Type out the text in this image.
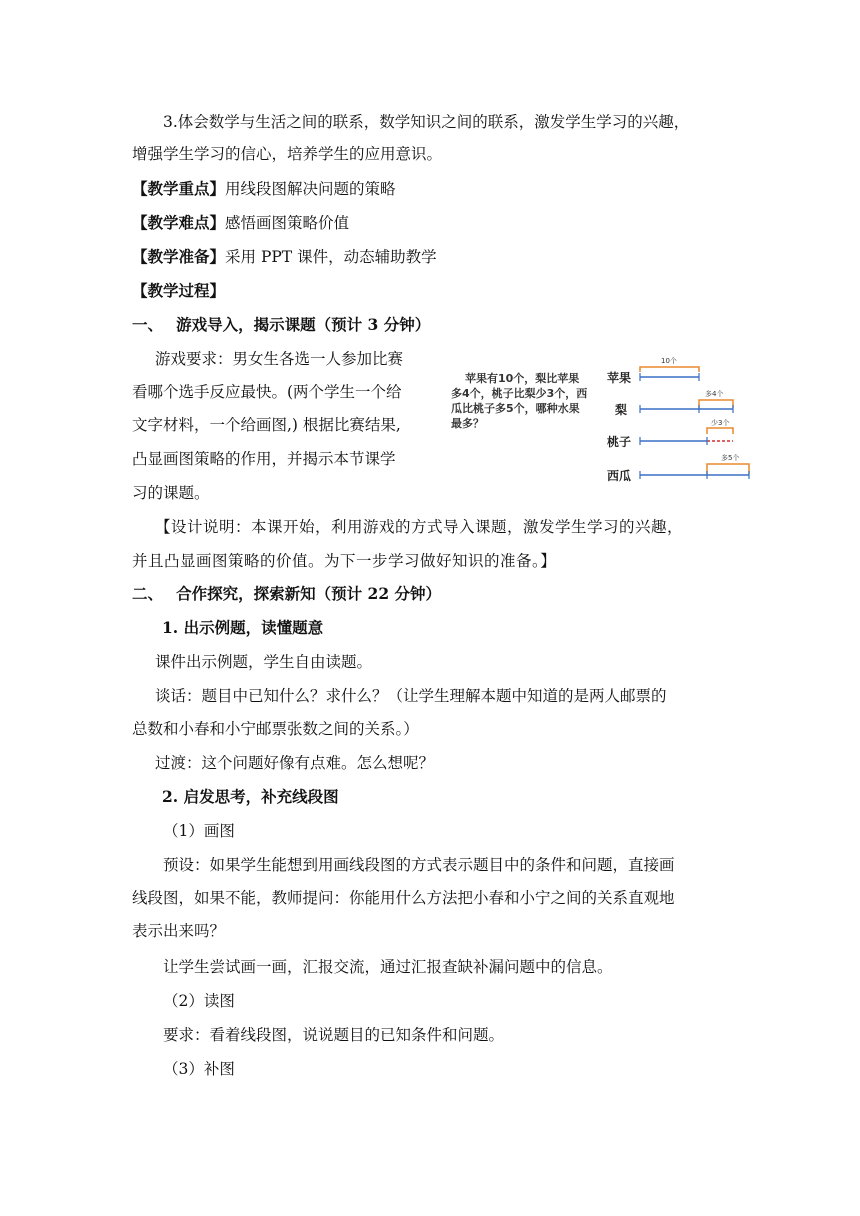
3.体会数学与生活之间的联系，数学知识之间的联系，激发学生学习的兴趣，
增强学生学习的信心，培养学生的应用意识。
【教学重点】用线段图解决问题的策略
【教学难点】感悟画图策略价值
【教学准备】采用 PPT 课件，动态辅助教学
【教学过程】
一、　 游戏导入，揭示课题（预计 3 分钟）
游戏要求：男女生各选一人参加比赛
看哪个选手反应最快。(两个学生一个给
文字材料，一个给画图,) 根据比赛结果,
凸显画图策略的作用，并揭示本节课学
习的课题。
苹果有10个，梨比苹果
多4个，桃子比梨少3个，西
瓜比桃子多5个，哪种水果
最多？
苹果
梨
桃子
西瓜
10个
多4个
少3个
多5个
【设计说明：本课开始，利用游戏的方式导入课题，激发学生学习的兴趣，
并且凸显画图策略的价值。为下一步学习做好知识的准备。】
二、　 合作探究，探索新知（预计 22 分钟）
1. 出示例题，读懂题意
课件出示例题，学生自由读题。
谈话：题目中已知什么？求什么？（让学生理解本题中知道的是两人邮票的
总数和小春和小宁邮票张数之间的关系。）
过渡：这个问题好像有点难。怎么想呢？
2. 启发思考，补充线段图
（1）画图
预设：如果学生能想到用画线段图的方式表示题目中的条件和问题，直接画
线段图，如果不能，教师提问：你能用什么方法把小春和小宁之间的关系直观地
表示出来吗？
让学生尝试画一画，汇报交流，通过汇报查缺补漏问题中的信息。
（2）读图
要求：看着线段图，说说题目的已知条件和问题。
（3）补图
